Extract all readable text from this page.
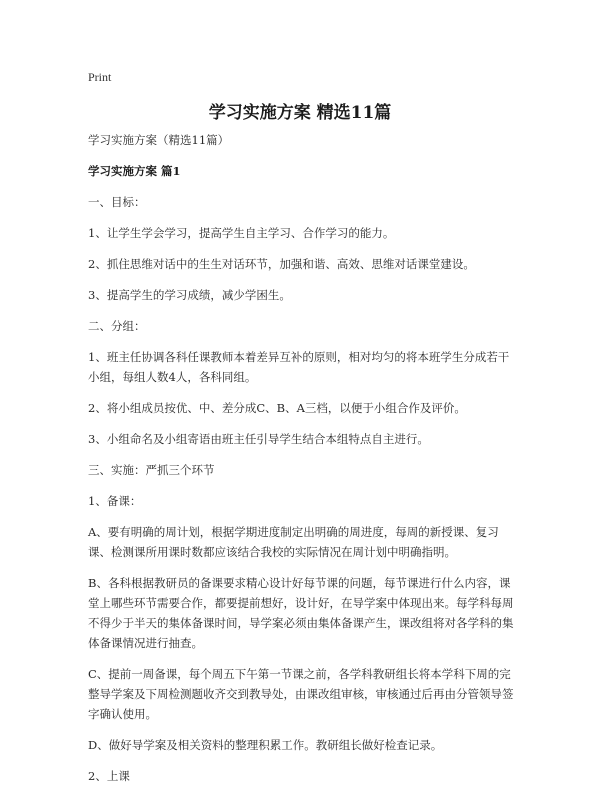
Print
学习实施方案 精选11篇

学习实施方案（精选11篇）

学习实施方案 篇1

一、目标：

1、让学生学会学习，提高学生自主学习、合作学习的能力。

2、抓住思维对话中的生生对话环节，加强和谐、高效、思维对话课堂建设。

3、提高学生的学习成绩，减少学困生。

二、分组：

1、班主任协调各科任课教师本着差异互补的原则，相对均匀的将本班学生分成若干小组，每组人数4人，各科同组。

2、将小组成员按优、中、差分成C、B、A三档，以便于小组合作及评价。

3、小组命名及小组寄语由班主任引导学生结合本组特点自主进行。

三、实施：严抓三个环节

1、备课：

A、要有明确的周计划，根据学期进度制定出明确的周进度，每周的新授课、复习课、检测课所用课时数都应该结合我校的实际情况在周计划中明确指明。

B、各科根据教研员的备课要求精心设计好每节课的问题，每节课进行什么内容，课堂上哪些环节需要合作，都要提前想好，设计好，在导学案中体现出来。每学科每周不得少于半天的集体备课时间，导学案必须由集体备课产生，课改组将对各学科的集体备课情况进行抽查。

C、提前一周备课，每个周五下午第一节课之前，各学科教研组长将本学科下周的完整导学案及下周检测题收齐交到教导处，由课改组审核，审核通过后再由分管领导签字确认使用。

D、做好导学案及相关资料的整理积累工作。教研组长做好检查记录。

2、上课
